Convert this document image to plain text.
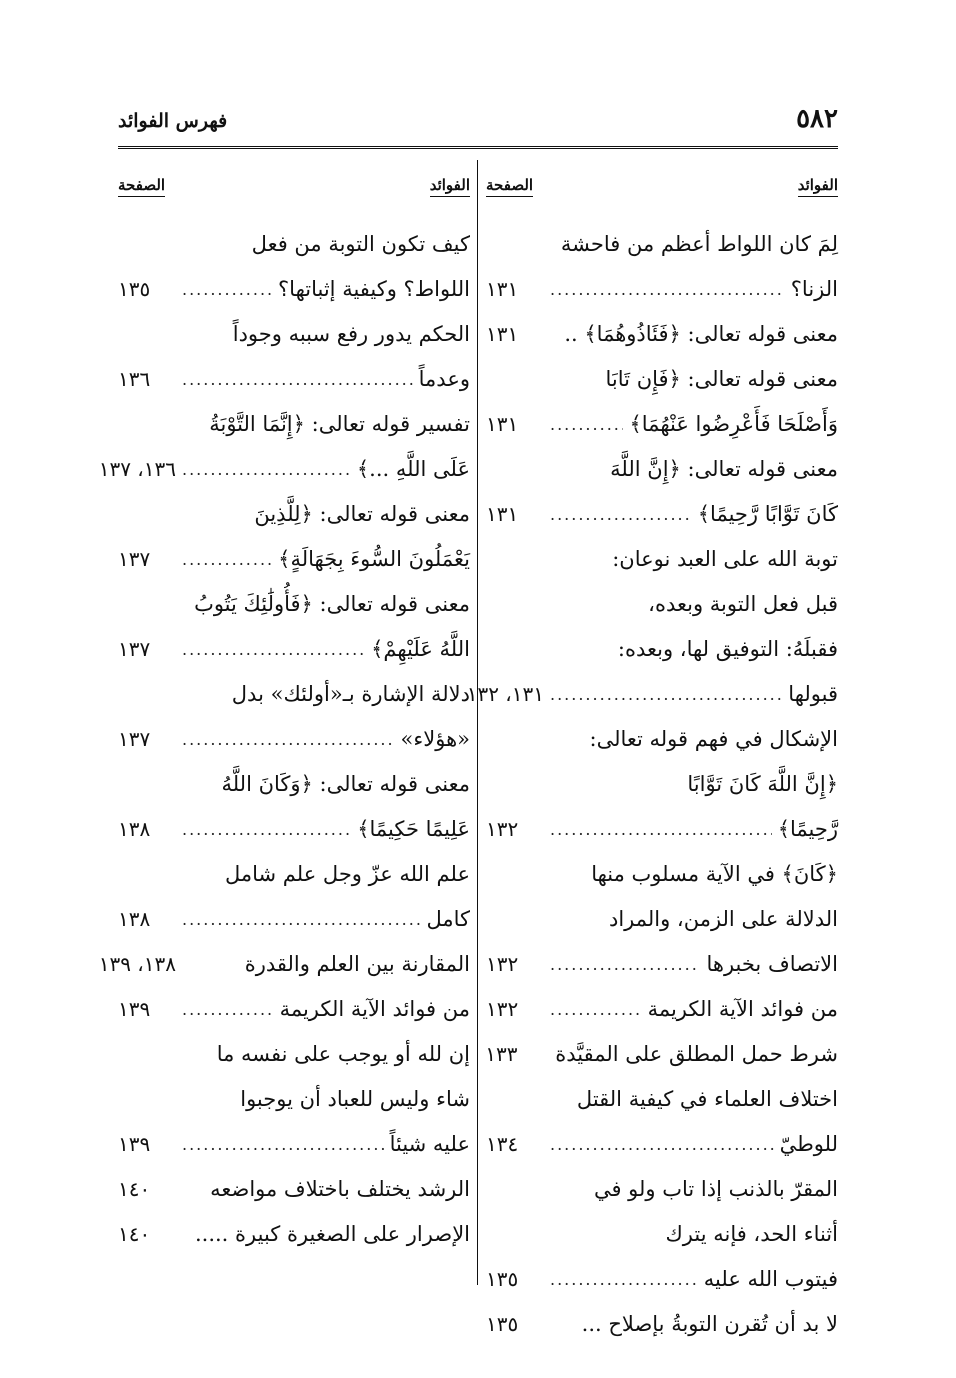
٥٨٢
فهرس الفوائد
الفوائد
الصفحة
لِمَ كان اللواط أعظم من فاحشة
الزنا؟
.....
١٣١
معنى قوله تعالى: ﴿فَئَاذُوهُمَا﴾ ..
١٣١
معنى قوله تعالى: ﴿فَإِن تَابَا
وَأَصْلَحَا فَأَعْرِضُوا عَنْهُمَا﴾
.....
١٣١
معنى قوله تعالى: ﴿إِنَّ اللَّهَ
كَانَ تَوَّابًا رَّحِيمًا﴾
.....
١٣١
توبة الله على العبد نوعان:
قبل فعل التوبة وبعده،
فقبلَهُ: التوفيق لها، وبعده:
قبولها
.....
١٣١، ١٣٢
الإشكال في فهم قوله تعالى:
﴿إِنَّ اللَّهَ كَانَ تَوَّابًا
رَّحِيمًا﴾
.....
١٣٢
﴿كَانَ﴾ في الآية مسلوب منها
الدلالة على الزمن، والمراد
الاتصاف بخبرها
.....
١٣٢
من فوائد الآية الكريمة
.....
١٣٢
شرط حمل المطلق على المقيَّدة
١٣٣
اختلاف العلماء في كيفية القتل
للوطيّ
.....
١٣٤
المقرّ بالذنب إذا تاب ولو في
أثناء الحد، فإنه يترك
فيتوب الله عليه
.....
١٣٥
لا بد أن تُقرن التوبةُ بإصلاح ...
١٣٥
الفوائد
الصفحة
كيف تكون التوبة من فعل
اللواط؟ وكيفية إثباتها؟
.....
١٣٥
الحكم يدور رفع سببه وجوداً
وعدماً
.....
١٣٦
تفسير قوله تعالى: ﴿إِنَّمَا التَّوْبَةُ
عَلَى اللَّهِ ...﴾
.....
١٣٦، ١٣٧
معنى قوله تعالى: ﴿لِلَّذِينَ
يَعْمَلُونَ السُّوءَ بِجَهَالَةٍ﴾
.....
١٣٧
معنى قوله تعالى: ﴿فَأُولَٰئِكَ يَتُوبُ
اللَّهُ عَلَيْهِمْ﴾
.....
١٣٧
دلالة الإشارة بـ«أولئك» بدل
«هؤلاء»
.....
١٣٧
معنى قوله تعالى: ﴿وَكَانَ اللَّهُ
عَلِيمًا حَكِيمًا﴾
.....
١٣٨
علم الله عزّ وجل علم شامل
كامل
.....
١٣٨
المقارنة بين العلم والقدرة
١٣٨، ١٣٩
من فوائد الآية الكريمة
.....
١٣٩
إن لله أو يوجب على نفسه ما
شاء وليس للعباد أن يوجبوا
عليه شيئاً
.....
١٣٩
الرشد يختلف باختلاف مواضعه
١٤٠
الإصرار على الصغيرة كبيرة .....
١٤٠
